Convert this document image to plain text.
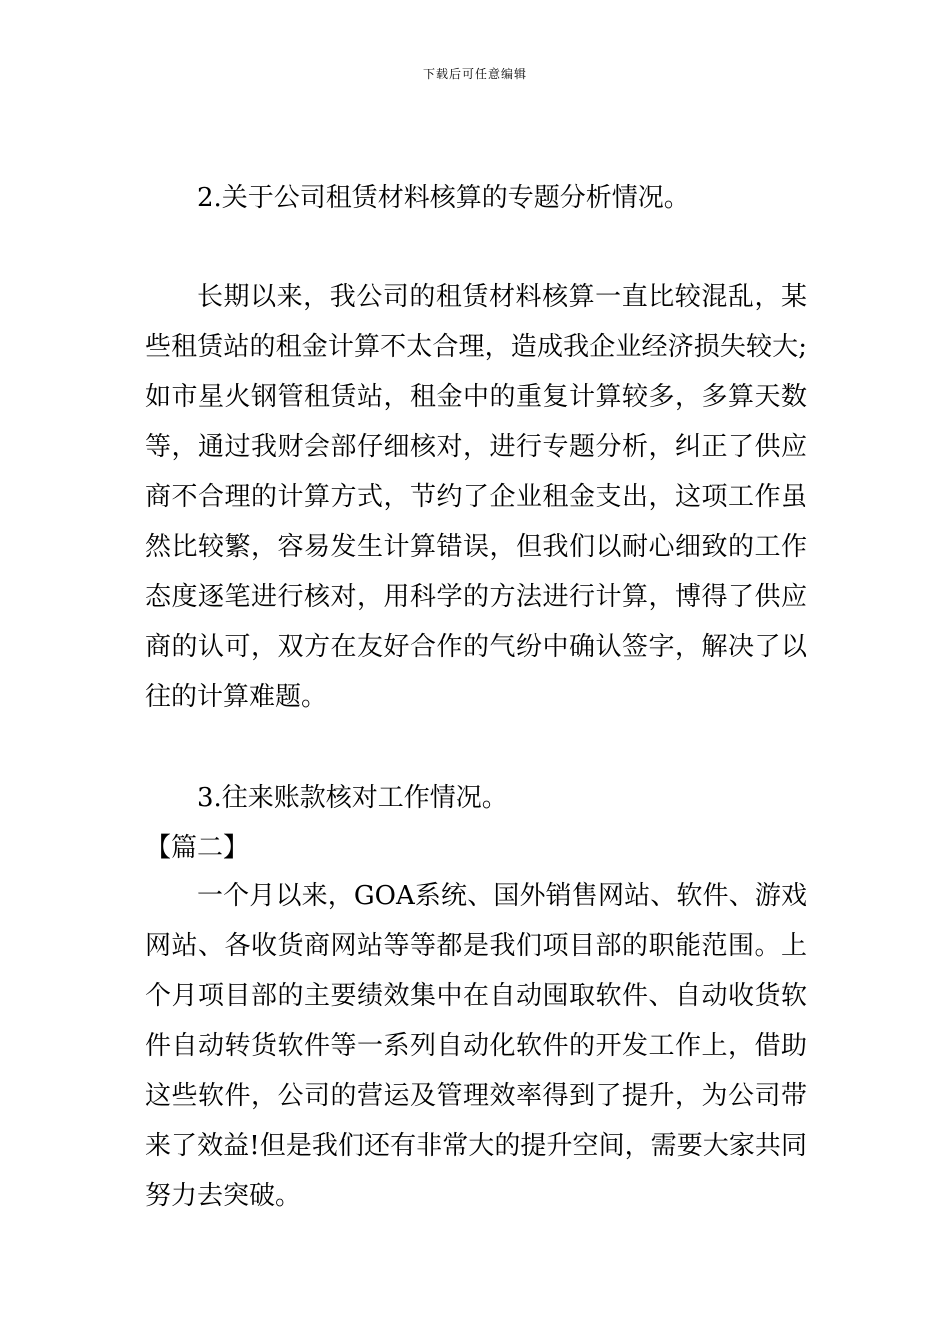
下载后可任意编辑

2.关于公司租赁材料核算的专题分析情况。

长期以来，我公司的租赁材料核算一直比较混乱，某些租赁站的租金计算不太合理，造成我企业经济损失较大;如市星火钢管租赁站，租金中的重复计算较多，多算天数等，通过我财会部仔细核对，进行专题分析，纠正了供应商不合理的计算方式，节约了企业租金支出，这项工作虽然比较繁，容易发生计算错误，但我们以耐心细致的工作态度逐笔进行核对，用科学的方法进行计算，博得了供应商的认可，双方在友好合作的气纷中确认签字，解决了以往的计算难题。

3.往来账款核对工作情况。

【篇二】

一个月以来，GOA系统、国外销售网站、软件、游戏网站、各收货商网站等等都是我们项目部的职能范围。上个月项目部的主要绩效集中在自动囤取软件、自动收货软件自动转货软件等一系列自动化软件的开发工作上，借助这些软件，公司的营运及管理效率得到了提升，为公司带来了效益!但是我们还有非常大的提升空间，需要大家共同努力去突破。
